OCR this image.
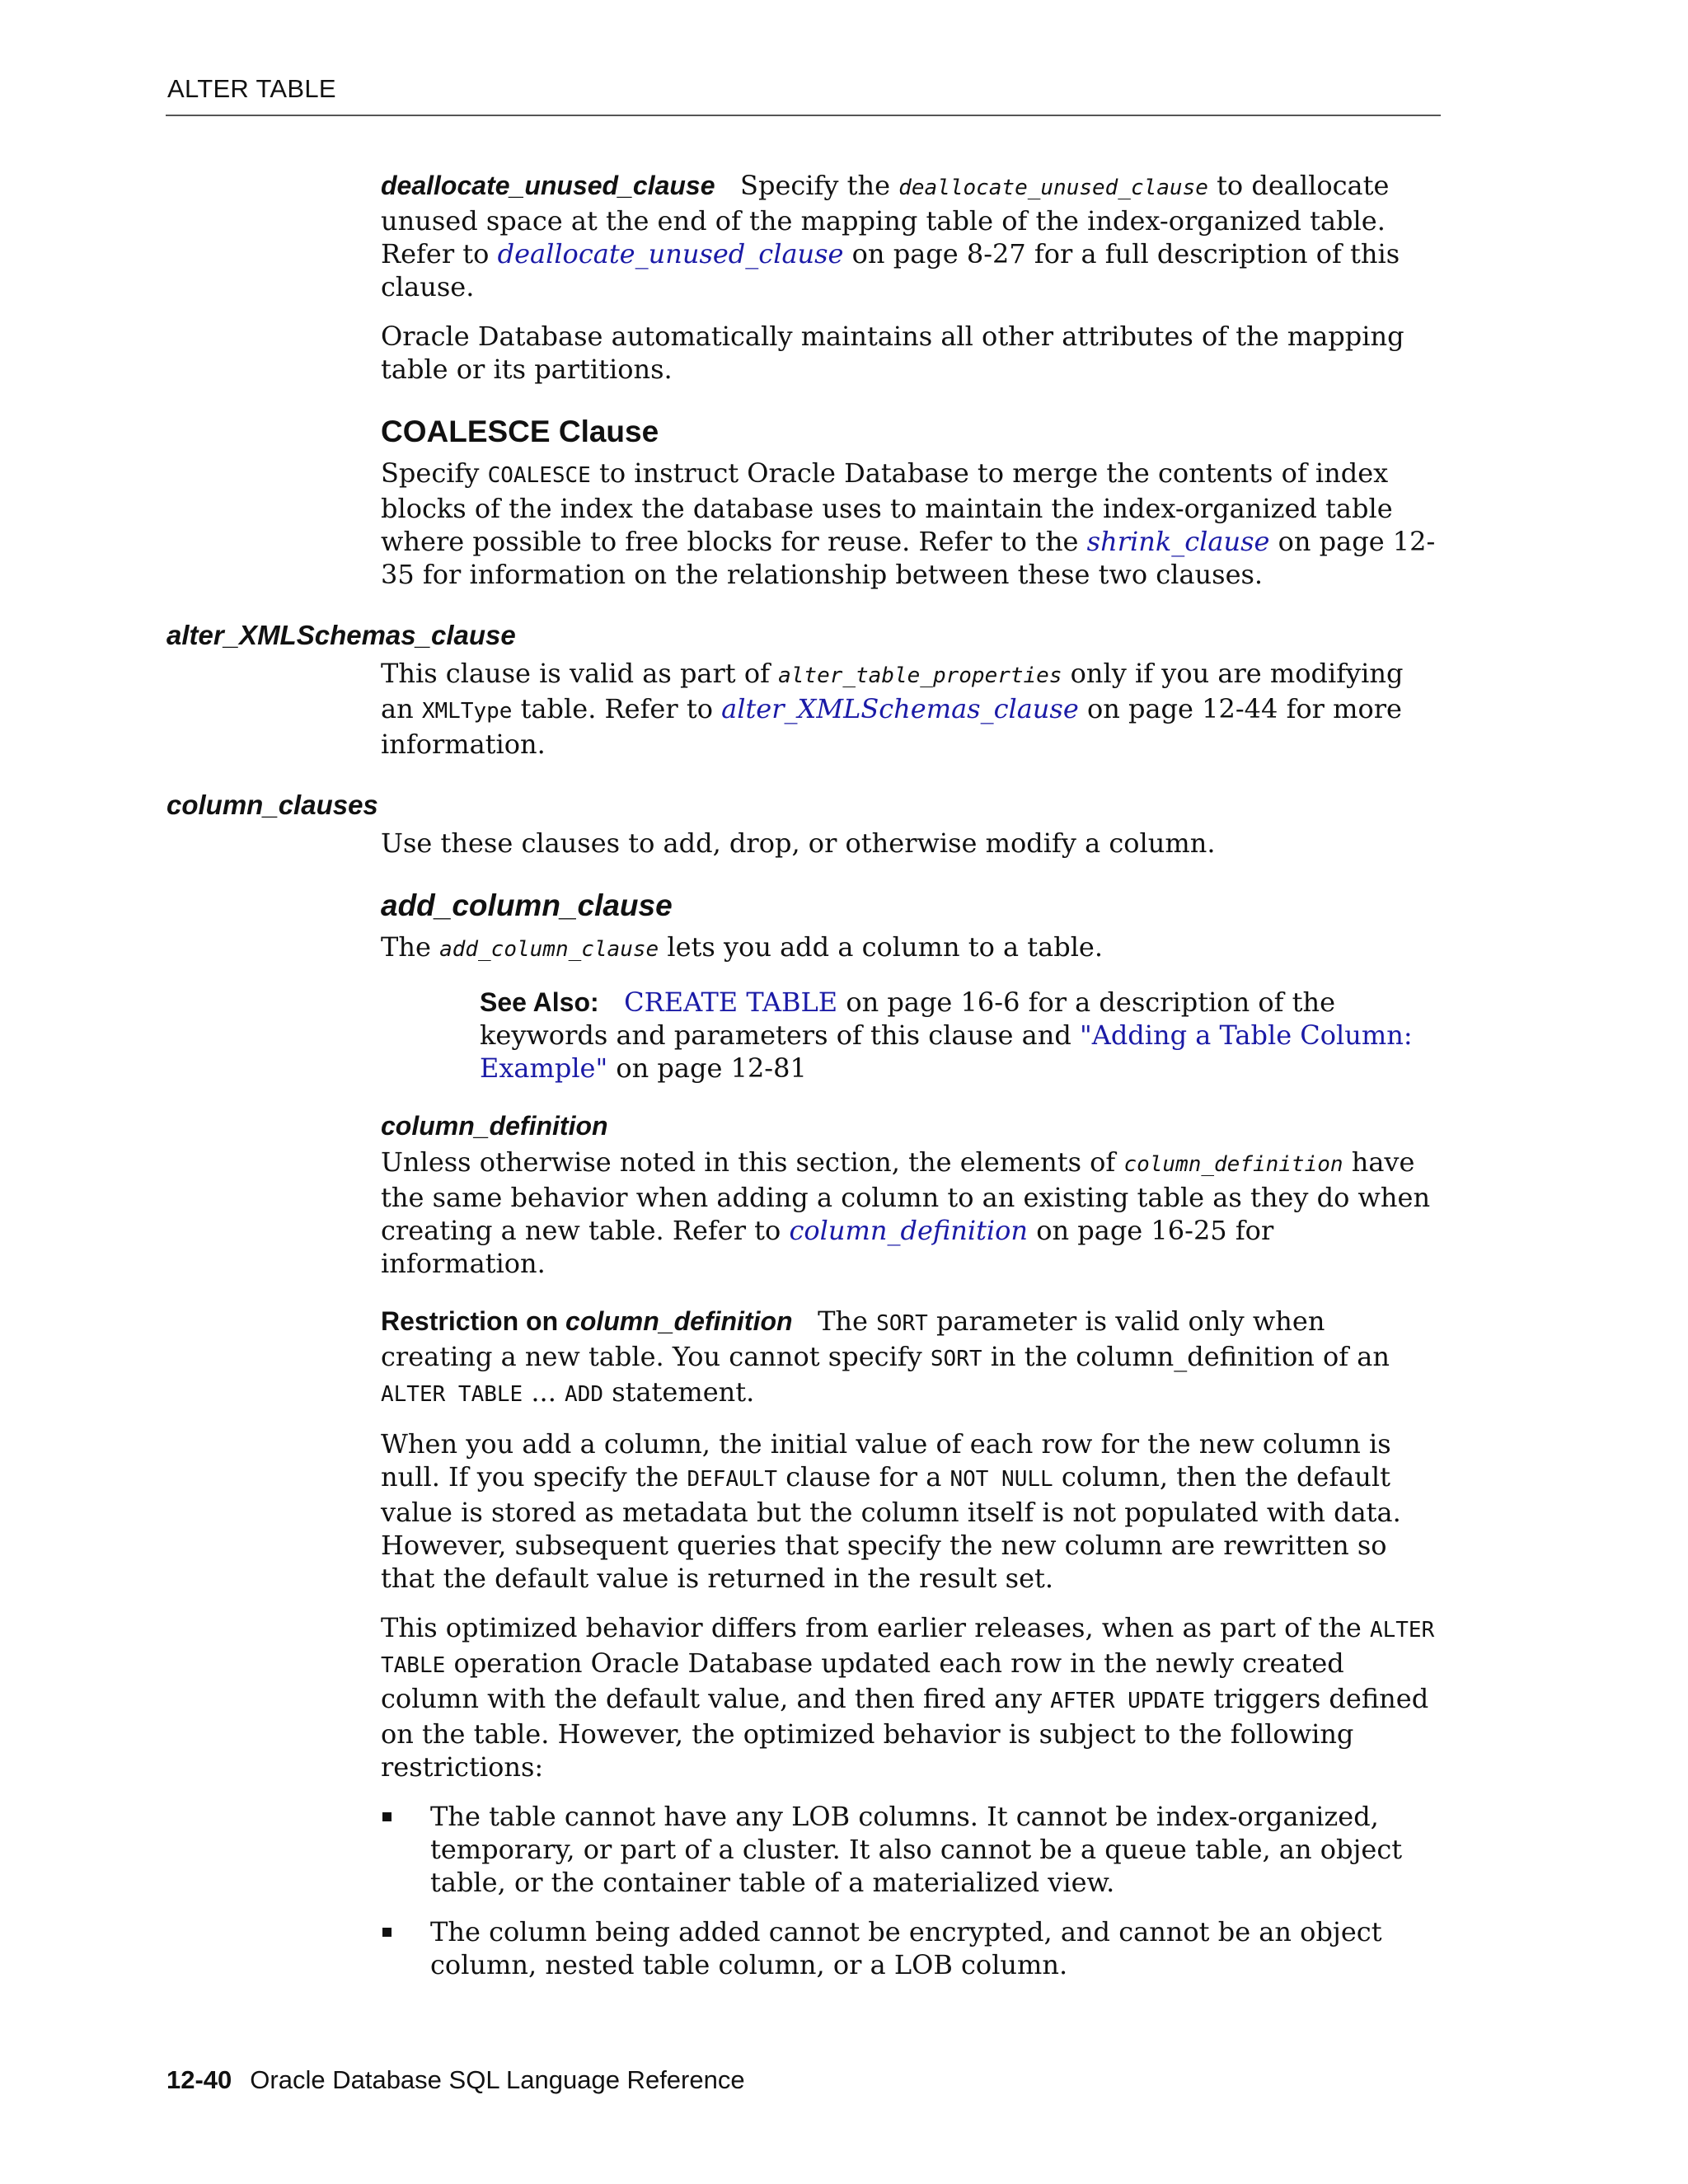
ALTER TABLE

deallocate_unused_clause Specify the deallocate_unused_clause to deallocate unused space at the end of the mapping table of the index-organized table. Refer to deallocate_unused_clause on page 8-27 for a full description of this clause.

Oracle Database automatically maintains all other attributes of the mapping table or its partitions.

COALESCE Clause

Specify COALESCE to instruct Oracle Database to merge the contents of index blocks of the index the database uses to maintain the index-organized table where possible to free blocks for reuse. Refer to the shrink_clause on page 12-35 for information on the relationship between these two clauses.

alter_XMLSchemas_clause

This clause is valid as part of alter_table_properties only if you are modifying an XMLType table. Refer to alter_XMLSchemas_clause on page 12-44 for more information.

column_clauses

Use these clauses to add, drop, or otherwise modify a column.

add_column_clause

The add_column_clause lets you add a column to a table.

See Also: CREATE TABLE on page 16-6 for a description of the keywords and parameters of this clause and "Adding a Table Column: Example" on page 12-81

column_definition

Unless otherwise noted in this section, the elements of column_definition have the same behavior when adding a column to an existing table as they do when creating a new table. Refer to column_definition on page 16-25 for information.

Restriction on column_definition The SORT parameter is valid only when creating a new table. You cannot specify SORT in the column_definition of an ALTER TABLE ... ADD statement.

When you add a column, the initial value of each row for the new column is null. If you specify the DEFAULT clause for a NOT NULL column, then the default value is stored as metadata but the column itself is not populated with data. However, subsequent queries that specify the new column are rewritten so that the default value is returned in the result set.

This optimized behavior differs from earlier releases, when as part of the ALTER TABLE operation Oracle Database updated each row in the newly created column with the default value, and then fired any AFTER UPDATE triggers defined on the table. However, the optimized behavior is subject to the following restrictions:

The table cannot have any LOB columns. It cannot be index-organized, temporary, or part of a cluster. It also cannot be a queue table, an object table, or the container table of a materialized view.
The column being added cannot be encrypted, and cannot be an object column, nested table column, or a LOB column.
12-40 Oracle Database SQL Language Reference
